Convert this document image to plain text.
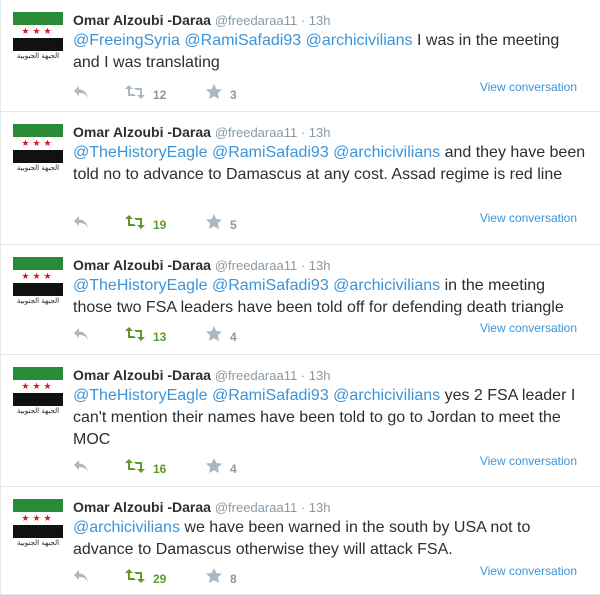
★★★
الجبهة الجنوبية
Omar Alzoubi -Daraa @freedaraa11 · 13h
@FreeingSyria @RamiSafadi93 @archicivilians I was in the meeting and I was translating
12	3
View conversation
★★★
الجبهة الجنوبية
Omar Alzoubi -Daraa @freedaraa11 · 13h
@TheHistoryEagle @RamiSafadi93 @archicivilians and they have been told no to advance to Damascus at any cost. Assad regime is red line
19	5	View conversation
★★★
الجبهة الجنوبية
Omar Alzoubi -Daraa @freedaraa11 · 13h
@TheHistoryEagle @RamiSafadi93 @archicivilians in the meeting those two FSA leaders have been told off for defending death triangle
13	4
View conversation
★★★
الجبهة الجنوبية
Omar Alzoubi -Daraa @freedaraa11 · 13h
@TheHistoryEagle @RamiSafadi93 @archicivilians yes 2 FSA leader I can't mention their names have been told to go to Jordan to meet the MOC
16	4
View conversation
★★★
الجبهة الجنوبية
Omar Alzoubi -Daraa @freedaraa11 · 13h
@archicivilians we have been warned in the south by USA not to advance to Damascus otherwise they will attack FSA.
29	8
View conversation
